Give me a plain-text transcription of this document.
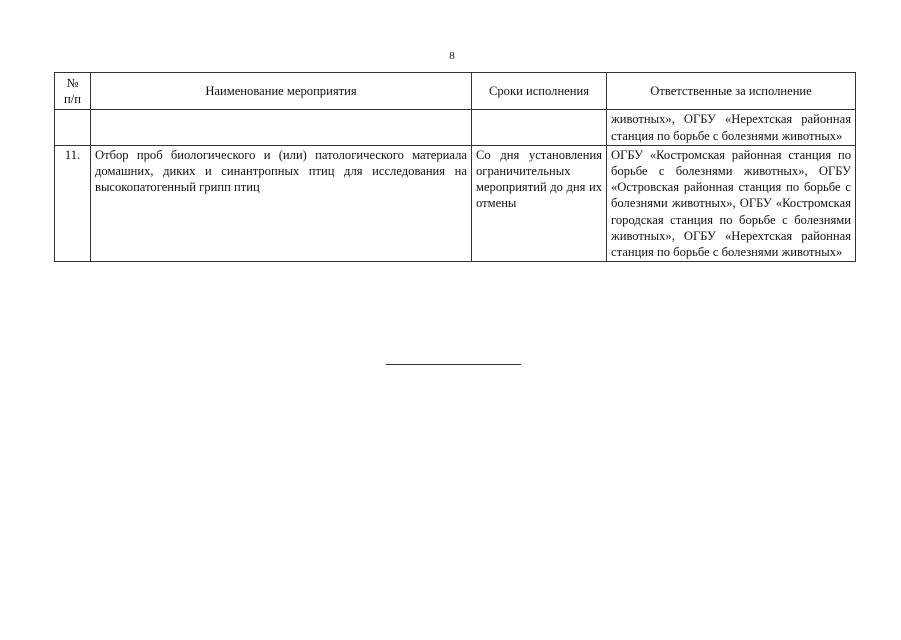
8
№
п/п	Наименование мероприятия	Сроки исполнения	Ответственные за исполнение
			животных», ОГБУ «Нерехтская районная станция по борьбе с болезнями животных»
11.	Отбор проб биологического и (или) патологического материала домашних, диких и синантропных птиц для исследования на высокопатогенный грипп птиц	Со дня установления ограничительных мероприятий до дня их отмены	ОГБУ «Костромская районная станция по борьбе с болезнями животных», ОГБУ «Островская районная станция по борьбе с болезнями животных», ОГБУ «Костромская городская станция по борьбе с болезнями животных», ОГБУ «Нерехтская районная станция по борьбе с болезнями животных»
